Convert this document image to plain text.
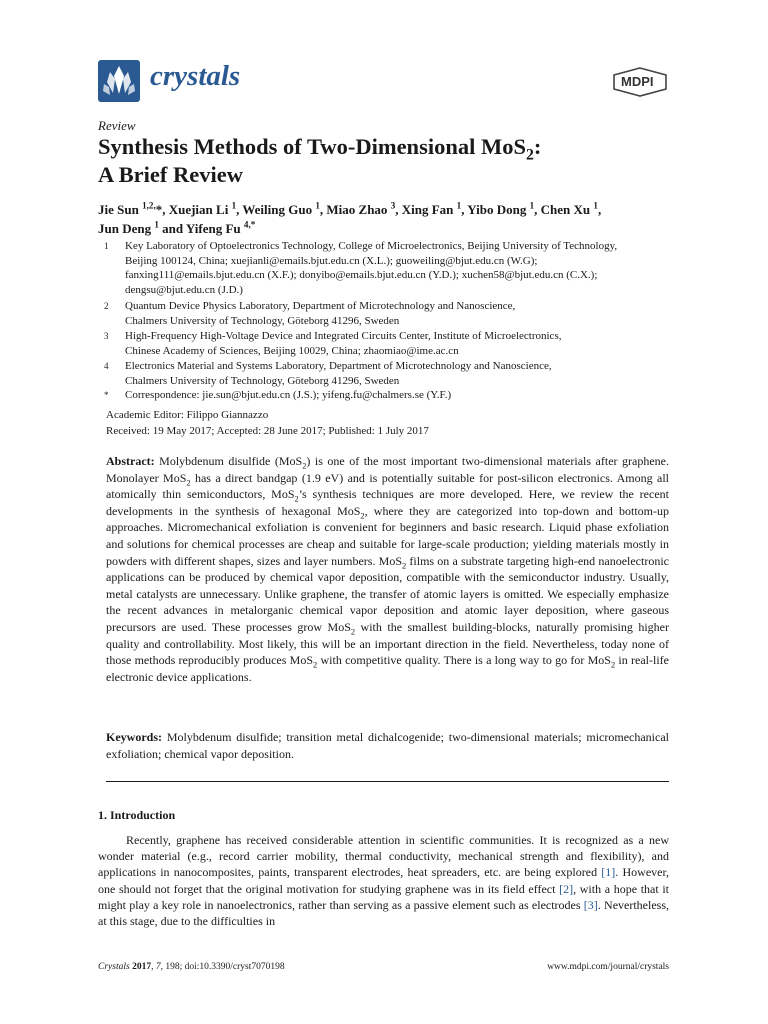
crystals	MDPI
Review
Synthesis Methods of Two-Dimensional MoS$_2$:
A Brief Review
Jie Sun $^{1,2,}$*, Xuejian Li $^1$, Weiling Guo $^1$, Miao Zhao $^3$, Xing Fan $^1$, Yibo Dong $^1$, Chen Xu $^1$,
Jun Deng $^1$ and Yifeng Fu $^{4,*}$
1 Key Laboratory of Optoelectronics Technology, College of Microelectronics, Beijing University of Technology,
Beijing 100124, China; xuejianli@emails.bjut.edu.cn (X.L.); guoweiling@bjut.edu.cn (W.G);
fanxing111@emails.bjut.edu.cn (X.F.); donyibo@emails.bjut.edu.cn (Y.D.); xuchen58@bjut.edu.cn (C.X.);
dengsu@bjut.edu.cn (J.D.)
2 Quantum Device Physics Laboratory, Department of Microtechnology and Nanoscience,
Chalmers University of Technology, Göteborg 41296, Sweden
3 High-Frequency High-Voltage Device and Integrated Circuits Center, Institute of Microelectronics,
Chinese Academy of Sciences, Beijing 10029, China; zhaomiao@ime.ac.cn
4 Electronics Material and Systems Laboratory, Department of Microtechnology and Nanoscience,
Chalmers University of Technology, Göteborg 41296, Sweden
* Correspondence: jie.sun@bjut.edu.cn (J.S.); yifeng.fu@chalmers.se (Y.F.)
Academic Editor: Filippo Giannazzo
Received: 19 May 2017; Accepted: 28 June 2017; Published: 1 July 2017
Abstract: Molybdenum disulfide (MoS$_2$) is one of the most important two-dimensional materials after graphene. Monolayer MoS$_2$ has a direct bandgap (1.9 eV) and is potentially suitable for post-silicon electronics. Among all atomically thin semiconductors, MoS$_2$’s synthesis techniques are more developed. Here, we review the recent developments in the synthesis of hexagonal MoS$_2$, where they are categorized into top-down and bottom-up approaches. Micromechanical exfoliation is convenient for beginners and basic research. Liquid phase exfoliation and solutions for chemical processes are cheap and suitable for large-scale production; yielding materials mostly in powders with different shapes, sizes and layer numbers. MoS$_2$ films on a substrate targeting high-end nanoelectronic applications can be produced by chemical vapor deposition, compatible with the semiconductor industry. Usually, metal catalysts are unnecessary. Unlike graphene, the transfer of atomic layers is omitted. We especially emphasize the recent advances in metalorganic chemical vapor deposition and atomic layer deposition, where gaseous precursors are used. These processes grow MoS$_2$ with the smallest building-blocks, naturally promising higher quality and controllability. Most likely, this will be an important direction in the field. Nevertheless, today none of those methods reproducibly produces MoS$_2$ with competitive quality. There is a long way to go for MoS$_2$ in real-life electronic device applications.
Keywords: Molybdenum disulfide; transition metal dichalcogenide; two-dimensional materials; micromechanical exfoliation; chemical vapor deposition.
1. Introduction

Recently, graphene has received considerable attention in scientific communities. It is recognized as a new wonder material (e.g., record carrier mobility, thermal conductivity, mechanical strength and flexibility), and applications in nanocomposites, paints, transparent electrodes, heat spreaders, etc. are being explored [1]. However, one should not forget that the original motivation for studying graphene was in its field effect [2], with a hope that it might play a key role in nanoelectronics, rather than serving as a passive element such as electrodes [3]. Nevertheless, at this stage, due to the difficulties in

Crystals 2017, 7, 198; doi:10.3390/cryst7070198	www.mdpi.com/journal/crystals
